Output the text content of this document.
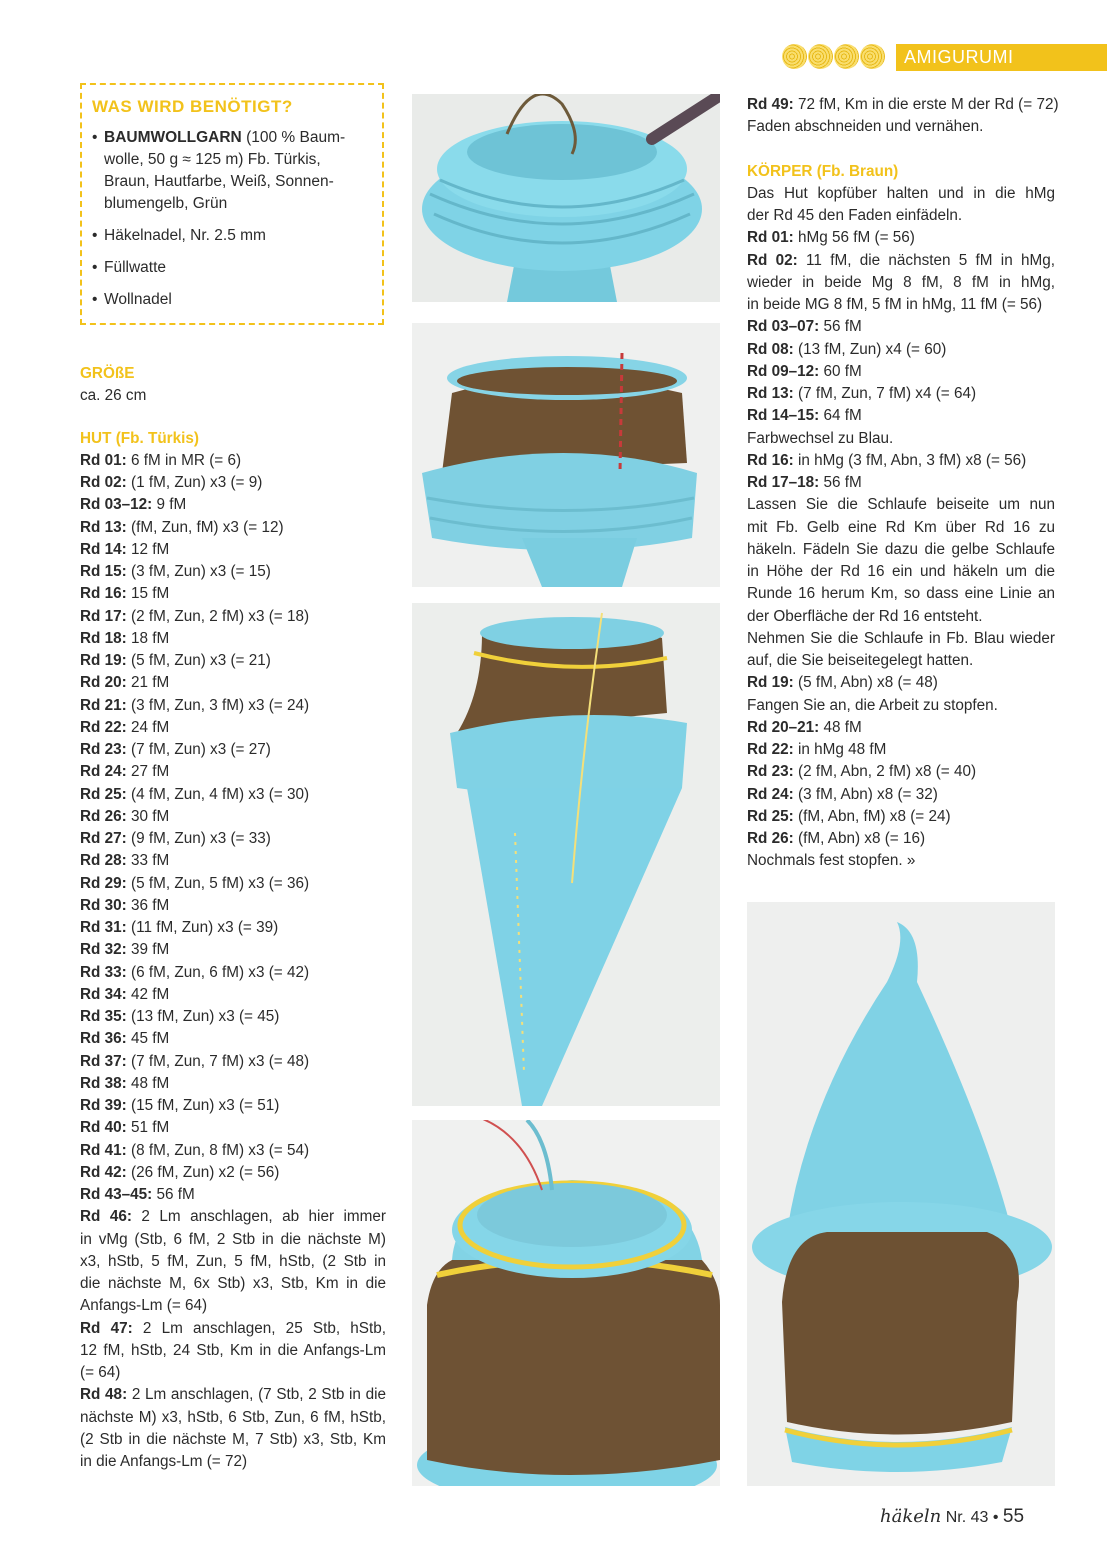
AMIGURUMI
WAS WIRD BENÖTIGT?
• BAUMWOLLGARN (100 % Baum-
wolle, 50 g ≈ 125 m) Fb. Türkis,
Braun, Hautfarbe, Weiß, Sonnen-
blumengelb, Grün
• Häkelnadel, Nr. 2.5 mm
• Füllwatte
• Wollnadel

GRÖßE

ca. 26 cm

HUT (Fb. Türkis)

Rd 01: 6 fM in MR (= 6)

Rd 02: (1 fM, Zun) x3 (= 9)

Rd 03–12: 9 fM

Rd 13: (fM, Zun, fM) x3 (= 12)

Rd 14: 12 fM

Rd 15: (3 fM, Zun) x3 (= 15)

Rd 16: 15 fM

Rd 17: (2 fM, Zun, 2 fM) x3 (= 18)

Rd 18: 18 fM

Rd 19: (5 fM, Zun) x3 (= 21)

Rd 20: 21 fM

Rd 21: (3 fM, Zun, 3 fM) x3 (= 24)

Rd 22: 24 fM

Rd 23: (7 fM, Zun) x3 (= 27)

Rd 24: 27 fM

Rd 25: (4 fM, Zun, 4 fM) x3 (= 30)

Rd 26: 30 fM

Rd 27: (9 fM, Zun) x3 (= 33)

Rd 28: 33 fM

Rd 29: (5 fM, Zun, 5 fM) x3 (= 36)

Rd 30: 36 fM

Rd 31: (11 fM, Zun) x3 (= 39)

Rd 32: 39 fM

Rd 33: (6 fM, Zun, 6 fM) x3 (= 42)

Rd 34: 42 fM

Rd 35: (13 fM, Zun) x3 (= 45)

Rd 36: 45 fM

Rd 37: (7 fM, Zun, 7 fM) x3 (= 48)

Rd 38: 48 fM

Rd 39: (15 fM, Zun) x3 (= 51)

Rd 40: 51 fM

Rd 41: (8 fM, Zun, 8 fM) x3 (= 54)

Rd 42: (26 fM, Zun) x2 (= 56)

Rd 43–45: 56 fM

Rd 46: 2 Lm anschlagen, ab hier immer

in vMg (Stb, 6 fM, 2 Stb in die nächste M)

x3, hStb, 5 fM, Zun, 5 fM, hStb, (2 Stb in

die nächste M, 6x Stb) x3, Stb, Km in die

Anfangs-Lm (= 64)

Rd 47: 2 Lm anschlagen, 25 Stb, hStb,

12 fM, hStb, 24 Stb, Km in die Anfangs-Lm

(= 64)

Rd 48: 2 Lm anschlagen, (7 Stb, 2 Stb in die

nächste M) x3, hStb, 6 Stb, Zun, 6 fM, hStb,

(2 Stb in die nächste M, 7 Stb) x3, Stb, Km

in die Anfangs-Lm (= 72)

Rd 49: 72 fM, Km in die erste M der Rd (= 72)

Faden abschneiden und vernähen.

KÖRPER (Fb. Braun)

Das Hut kopfüber halten und in die hMg

der Rd 45 den Faden einfädeln.

Rd 01: hMg 56 fM (= 56)

Rd 02: 11 fM, die nächsten 5 fM in hMg,

wieder in beide Mg 8 fM, 8 fM in hMg,

in beide MG 8 fM, 5 fM in hMg, 11 fM (= 56)

Rd 03–07: 56 fM

Rd 08: (13 fM, Zun) x4 (= 60)

Rd 09–12: 60 fM

Rd 13: (7 fM, Zun, 7 fM) x4 (= 64)

Rd 14–15: 64 fM

Farbwechsel zu Blau.

Rd 16: in hMg (3 fM, Abn, 3 fM) x8 (= 56)

Rd 17–18: 56 fM

Lassen Sie die Schlaufe beiseite um nun

mit Fb. Gelb eine Rd Km über Rd 16 zu

häkeln. Fädeln Sie dazu die gelbe Schlaufe

in Höhe der Rd 16 ein und häkeln um die

Runde 16 herum Km, so dass eine Linie an

der Oberfläche der Rd 16 entsteht.

Nehmen Sie die Schlaufe in Fb. Blau wieder

auf, die Sie beiseitegelegt hatten.

Rd 19: (5 fM, Abn) x8 (= 48)

Fangen Sie an, die Arbeit zu stopfen.

Rd 20–21: 48 fM

Rd 22: in hMg 48 fM

Rd 23: (2 fM, Abn, 2 fM) x8 (= 40)

Rd 24: (3 fM, Abn) x8 (= 32)

Rd 25: (fM, Abn, fM) x8 (= 24)

Rd 26: (fM, Abn) x8 (= 16)

Nochmals fest stopfen. »

häkeln Nr. 43 • 55
